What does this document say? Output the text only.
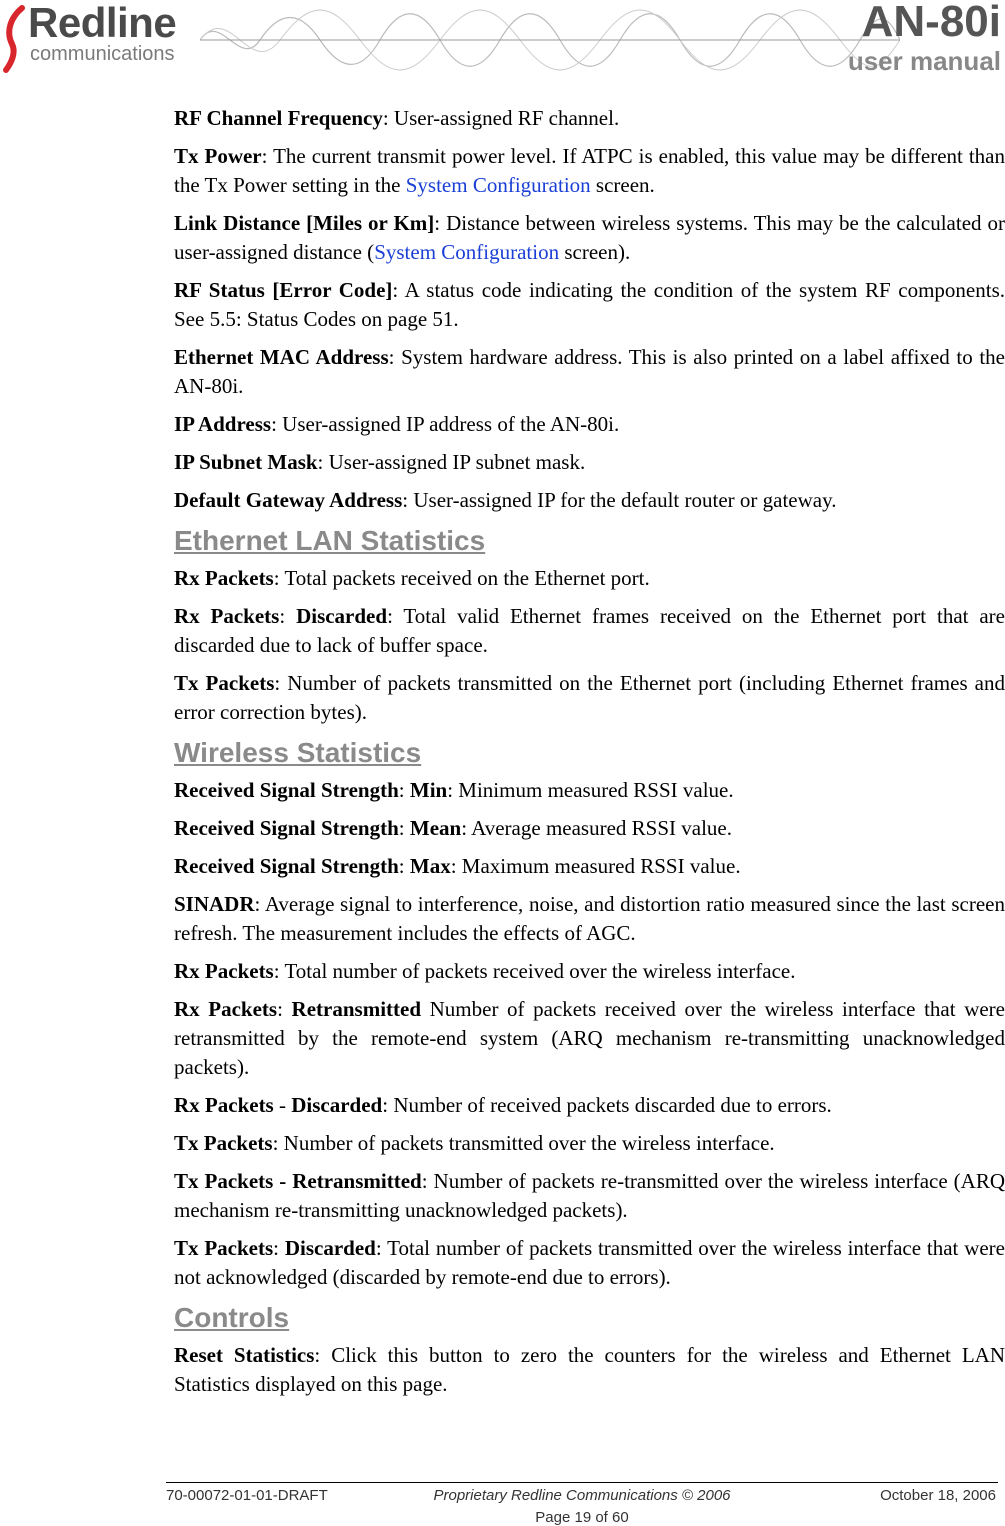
Redline
communications
AN-80i
user manual

RF Channel Frequency: User-assigned RF channel.

Tx Power: The current transmit power level. If ATPC is enabled, this value may be different than the Tx Power setting in the System Configuration screen.

Link Distance [Miles or Km]: Distance between wireless systems. This may be the calculated or user-assigned distance (System Configuration screen).

RF Status [Error Code]: A status code indicating the condition of the system RF components. See 5.5: Status Codes on page 51.

Ethernet MAC Address: System hardware address. This is also printed on a label affixed to the AN-80i.

IP Address: User-assigned IP address of the AN-80i.

IP Subnet Mask: User-assigned IP subnet mask.

Default Gateway Address: User-assigned IP for the default router or gateway.

Ethernet LAN Statistics

Rx Packets: Total packets received on the Ethernet port.

Rx Packets: Discarded: Total valid Ethernet frames received on the Ethernet port that are discarded due to lack of buffer space.

Tx Packets: Number of packets transmitted on the Ethernet port (including Ethernet frames and error correction bytes).

Wireless Statistics

Received Signal Strength: Min: Minimum measured RSSI value.

Received Signal Strength: Mean: Average measured RSSI value.

Received Signal Strength: Max: Maximum measured RSSI value.

SINADR: Average signal to interference, noise, and distortion ratio measured since the last screen refresh. The measurement includes the effects of AGC.

Rx Packets: Total number of packets received over the wireless interface.

Rx Packets: Retransmitted Number of packets received over the wireless interface that were retransmitted by the remote-end system (ARQ mechanism re-transmitting unacknowledged packets).

Rx Packets - Discarded: Number of received packets discarded due to errors.

Tx Packets: Number of packets transmitted over the wireless interface.

Tx Packets - Retransmitted: Number of packets re-transmitted over the wireless interface (ARQ mechanism re-transmitting unacknowledged packets).

Tx Packets: Discarded: Total number of packets transmitted over the wireless interface that were not acknowledged (discarded by remote-end due to errors).

Controls

Reset Statistics: Click this button to zero the counters for the wireless and Ethernet LAN Statistics displayed on this page.

70-00072-01-01-DRAFT	Proprietary Redline Communications © 2006	October 18, 2006
Page 19 of 60
